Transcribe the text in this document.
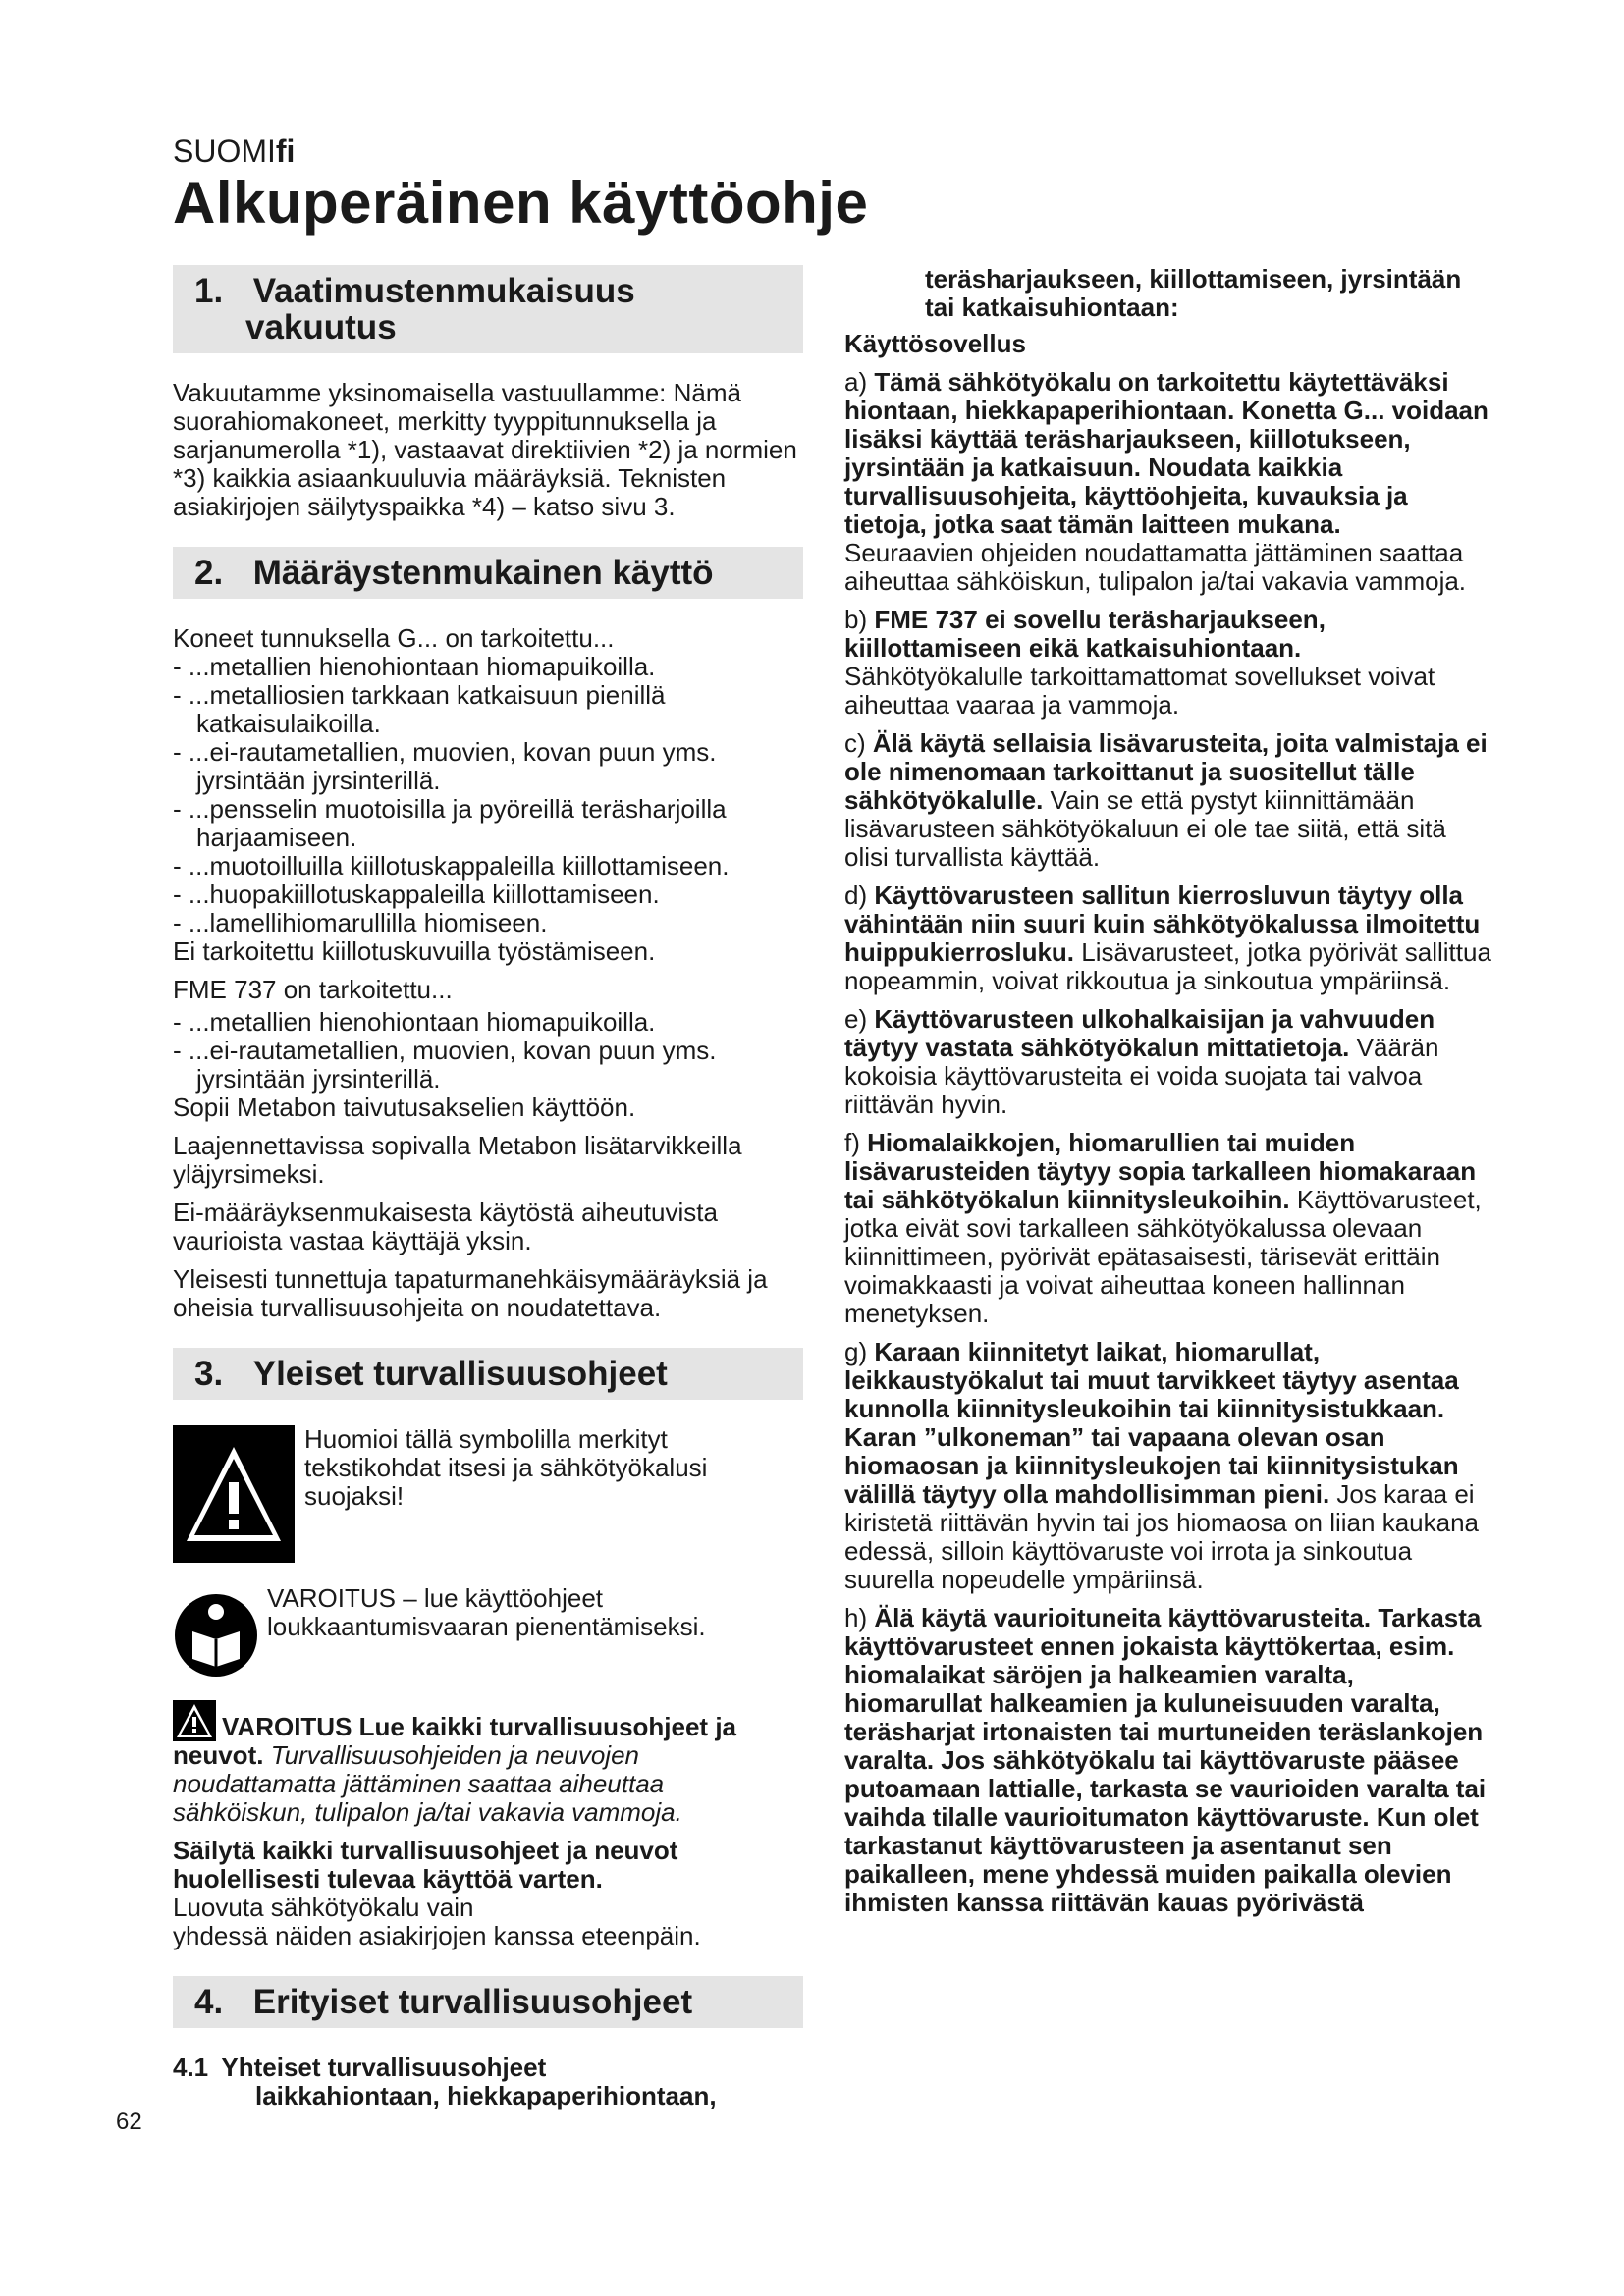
SUOMIfi
Alkuperäinen käyttöohje
1. Vaatimustenmukaisuus
vakuutus

Vakuutamme yksinomaisella vastuullamme: Nämä suorahiomakoneet, merkitty tyyppitunnuksella ja sarjanumerolla *1), vastaavat direktiivien *2) ja normien *3) kaikkia asiaankuuluvia määräyksiä. Teknisten asiakirjojen säilytyspaikka *4) – katso sivu 3.

2. Määräystenmukainen käyttö

Koneet tunnuksella G... on tarkoitettu...

- ...metallien hienohiontaan hiomapuikoilla.
- ...metalliosien tarkkaan katkaisuun pienillä katkaisulaikoilla.
- ...ei-rautametallien, muovien, kovan puun yms. jyrsintään jyrsinterillä.
- ...pensselin muotoisilla ja pyöreillä teräsharjoilla harjaamiseen.
- ...muotoilluilla kiillotuskappaleilla kiillottamiseen.
- ...huopakiillotuskappaleilla kiillottamiseen.
- ...lamellihiomarullilla hiomiseen.

Ei tarkoitettu kiillotuskuvuilla työstämiseen.

FME 737 on tarkoitettu...

- ...metallien hienohiontaan hiomapuikoilla.
- ...ei-rautametallien, muovien, kovan puun yms. jyrsintään jyrsinterillä.

Sopii Metabon taivutusakselien käyttöön.

Laajennettavissa sopivalla Metabon lisätarvikkeilla yläjyrsimeksi.

Ei-määräyksenmukaisesta käytöstä aiheutuvista vaurioista vastaa käyttäjä yksin.

Yleisesti tunnettuja tapaturmanehkäisymääräyksiä ja oheisia turvallisuusohjeita on noudatettava.

3. Yleiset turvallisuusohjeet

Huomioi tällä symbolilla merkityt tekstikohdat itsesi ja sähkötyökalusi suojaksi!

VAROITUS – lue käyttöohjeet loukkaantumisvaaran pienentämiseksi.

VAROITUS Lue kaikki turvallisuusohjeet ja neuvot. Turvallisuusohjeiden ja neuvojen noudattamatta jättäminen saattaa aiheuttaa sähköiskun, tulipalon ja/tai vakavia vammoja.

Säilytä kaikki turvallisuusohjeet ja neuvot huolellisesti tulevaa käyttöä varten.
Luovuta sähkötyökalu vain
yhdessä näiden asiakirjojen kanssa eteenpäin.

4. Erityiset turvallisuusohjeet
4.1 Yhteiset turvallisuusohjeet
laikkahiontaan, hiekkapaperihiontaan,

teräsharjaukseen, kiillottamiseen, jyrsintään tai katkaisuhiontaan:

Käyttösovellus

a) Tämä sähkötyökalu on tarkoitettu käytettäväksi hiontaan, hiekkapaperihiontaan. Konetta G... voidaan lisäksi käyttää teräsharjaukseen, kiillotukseen, jyrsintään ja katkaisuun. Noudata kaikkia turvallisuusohjeita, käyttöohjeita, kuvauksia ja tietoja, jotka saat tämän laitteen mukana.
Seuraavien ohjeiden noudattamatta jättäminen saattaa aiheuttaa sähköiskun, tulipalon ja/tai vakavia vammoja.

b) FME 737 ei sovellu teräsharjaukseen, kiillottamiseen eikä katkaisuhiontaan.
Sähkötyökalulle tarkoittamattomat sovellukset voivat aiheuttaa vaaraa ja vammoja.

c) Älä käytä sellaisia lisävarusteita, joita valmistaja ei ole nimenomaan tarkoittanut ja suositellut tälle sähkötyökalulle. Vain se että pystyt kiinnittämään lisävarusteen sähkötyökaluun ei ole tae siitä, että sitä olisi turvallista käyttää.

d) Käyttövarusteen sallitun kierrosluvun täytyy olla vähintään niin suuri kuin sähkötyökalussa ilmoitettu huippukierrosluku. Lisävarusteet, jotka pyörivät sallittua nopeammin, voivat rikkoutua ja sinkoutua ympäriinsä.

e) Käyttövarusteen ulkohalkaisijan ja vahvuuden täytyy vastata sähkötyökalun mittatietoja. Väärän kokoisia käyttövarusteita ei voida suojata tai valvoa riittävän hyvin.

f) Hiomalaikkojen, hiomarullien tai muiden lisävarusteiden täytyy sopia tarkalleen hiomakaraan tai sähkötyökalun kiinnitysleukoihin. Käyttövarusteet, jotka eivät sovi tarkalleen sähkötyökalussa olevaan kiinnittimeen, pyörivät epätasaisesti, tärisevät erittäin voimakkaasti ja voivat aiheuttaa koneen hallinnan menetyksen.

g) Karaan kiinnitetyt laikat, hiomarullat, leikkaustyökalut tai muut tarvikkeet täytyy asentaa kunnolla kiinnitysleukoihin tai kiinnitysistukkaan. Karan ”ulkoneman” tai vapaana olevan osan hiomaosan ja kiinnitysleukojen tai kiinnitysistukan välillä täytyy olla mahdollisimman pieni. Jos karaa ei kiristetä riittävän hyvin tai jos hiomaosa on liian kaukana edessä, silloin käyttövaruste voi irrota ja sinkoutua suurella nopeudelle ympäriinsä.

h) Älä käytä vaurioituneita käyttövarusteita. Tarkasta käyttövarusteet ennen jokaista käyttökertaa, esim. hiomalaikat säröjen ja halkeamien varalta, hiomarullat halkeamien ja kuluneisuuden varalta, teräsharjat irtonaisten tai murtuneiden teräslankojen varalta. Jos sähkötyökalu tai käyttövaruste pääsee putoamaan lattialle, tarkasta se vaurioiden varalta tai vaihda tilalle vaurioitumaton käyttövaruste. Kun olet tarkastanut käyttövarusteen ja asentanut sen paikalleen, mene yhdessä muiden paikalla olevien ihmisten kanssa riittävän kauas pyörivästä

62
